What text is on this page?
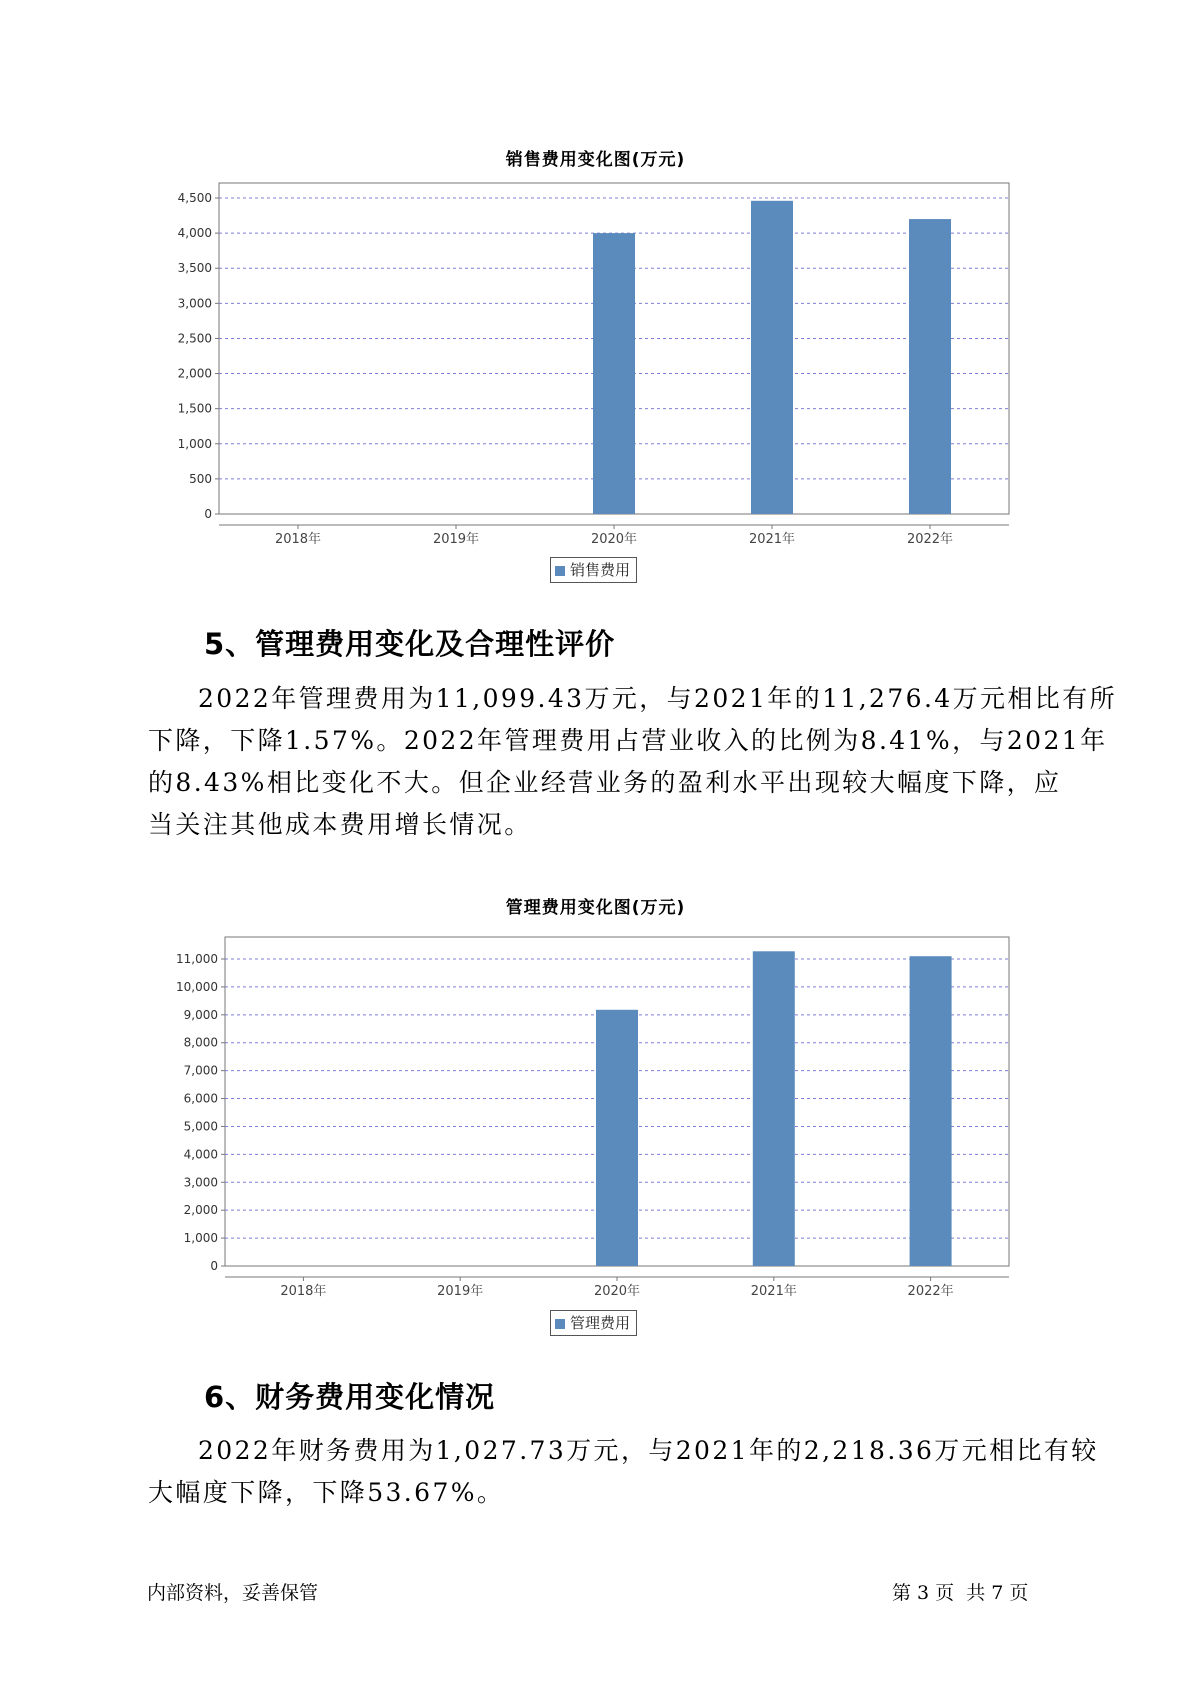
销售费用变化图(万元)
0
500
1,000
1,500
2,000
2,500
3,000
3,500
4,000
4,500
2018年	2019年	2020年	2021年	2022年
销售费用
5、管理费用变化及合理性评价
2022年管理费用为11,099.43万元，与2021年的11,276.4万元相比有所
下降，下降1.57%。2022年管理费用占营业收入的比例为8.41%，与2021年
的8.43%相比变化不大。但企业经营业务的盈利水平出现较大幅度下降，应
当关注其他成本费用增长情况。
管理费用变化图(万元)
0
1,000
2,000
3,000
4,000
5,000
6,000
7,000
8,000
9,000
10,000
11,000
2018年	2019年	2020年	2021年	2022年
管理费用
6、财务费用变化情况
2022年财务费用为1,027.73万元，与2021年的2,218.36万元相比有较
大幅度下降，下降53.67%。
内部资料，妥善保管	第 3 页  共 7 页
